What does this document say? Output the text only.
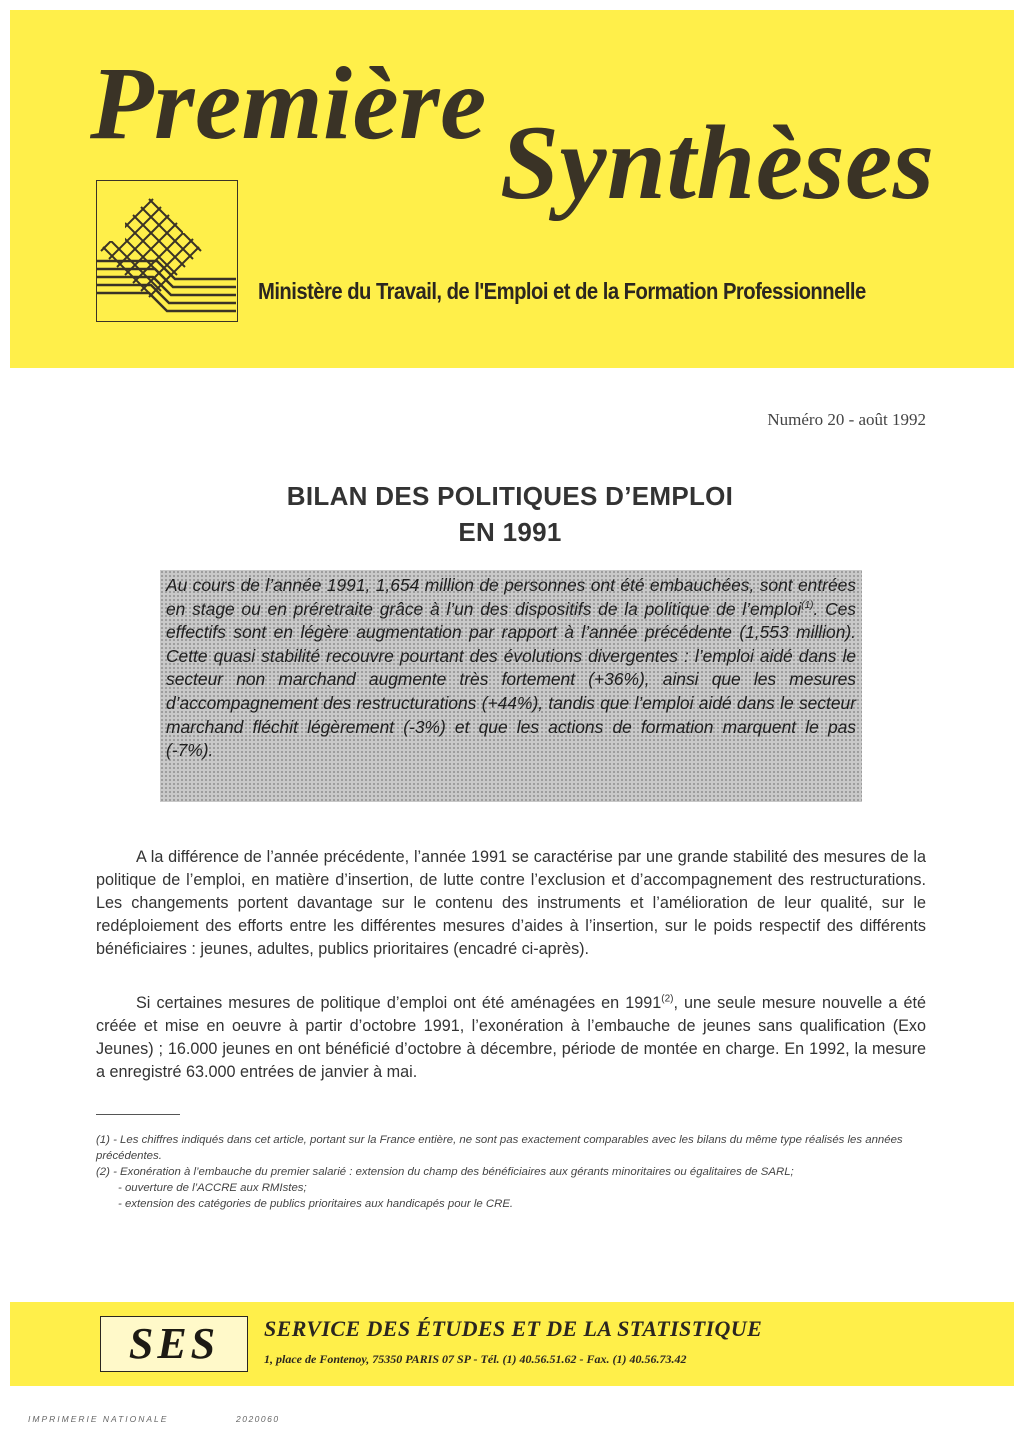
Première
Synthèses
Ministère du Travail, de l'Emploi et de la Formation Professionnelle
Numéro 20 - août 1992
BILAN DES POLITIQUES D’EMPLOI
EN 1991
Au cours de l’année 1991, 1,654 million de personnes ont été embauchées, sont entrées en stage ou en préretraite grâce à l’un des dispositifs de la politique de l’emploi$^{(1)}$. Ces effectifs sont en légère augmentation par rapport à l’année précédente (1,553 million). Cette quasi stabilité recouvre pourtant des évolutions divergentes : l’emploi aidé dans le secteur non marchand augmente très fortement (+36%), ainsi que les mesures d’accompagnement des restructurations (+44%), tandis que l’emploi aidé dans le secteur marchand fléchit légèrement (-3%) et que les actions de formation marquent le pas (-7%).

A la différence de l’année précédente, l’année 1991 se caractérise par une grande stabilité des mesures de la politique de l’emploi, en matière d’insertion, de lutte contre l’exclusion et d’accompagnement des restructurations. Les changements portent davantage sur le contenu des instruments et l’amélioration de leur qualité, sur le redéploiement des efforts entre les différentes mesures d’aides à l’insertion, sur le poids respectif des différents bénéficiaires : jeunes, adultes, publics prioritaires (encadré ci-après).

Si certaines mesures de politique d’emploi ont été aménagées en 1991$^{(2)}$, une seule mesure nouvelle a été créée et mise en oeuvre à partir d’octobre 1991, l’exonération à l’embauche de jeunes sans qualification (Exo Jeunes) ; 16.000 jeunes en ont bénéficié d’octobre à décembre, période de montée en charge. En 1992, la mesure a enregistré 63.000 entrées de janvier à mai.

(1) - Les chiffres indiqués dans cet article, portant sur la France entière, ne sont pas exactement comparables avec les bilans du même type réalisés les années précédentes.
(2) - Exonération à l’embauche du premier salarié : extension du champ des bénéficiaires aux gérants minoritaires ou égalitaires de SARL;
- ouverture de l’ACCRE aux RMIstes;
- extension des catégories de publics prioritaires aux handicapés pour le CRE.
SES SERVICE DES ÉTUDES ET DE LA STATISTIQUE
1, place de Fontenoy, 75350 PARIS 07 SP - Tél. (1) 40.56.51.62 - Fax. (1) 40.56.73.42
IMPRIMERIE NATIONALE	2020060
